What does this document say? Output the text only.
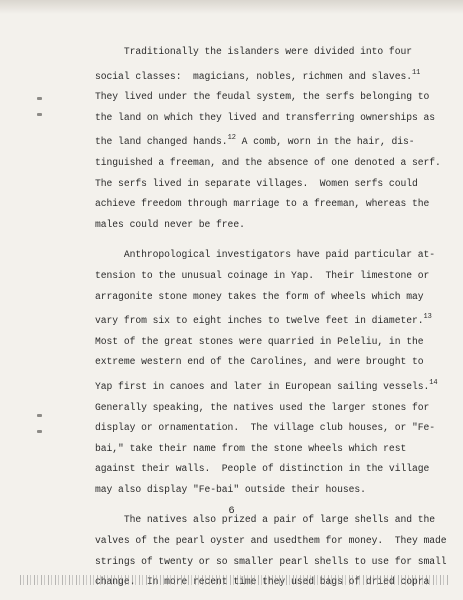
Traditionally the islanders were divided into four
social classes:  magicians, nobles, richmen and slaves.$^{11}$
They lived under the feudal system, the serfs belonging to
the land on which they lived and transferring ownerships as
the land changed hands.$^{12}$ A comb, worn in the hair, dis-
tinguished a freeman, and the absence of one denoted a serf.
The serfs lived in separate villages.  Women serfs could
achieve freedom through marriage to a freeman, whereas the
males could never be free.
Anthropological investigators have paid particular at-
tension to the unusual coinage in Yap.  Their limestone or
arragonite stone money takes the form of wheels which may
vary from six to eight inches to twelve feet in diameter.$^{13}$
Most of the great stones were quarried in Peleliu, in the
extreme western end of the Carolines, and were brought to
Yap first in canoes and later in European sailing vessels.$^{14}$
Generally speaking, the natives used the larger stones for
display or ornamentation.  The village club houses, or "Fe-
bai," take their name from the stone wheels which rest
against their walls.  People of distinction in the village
may also display "Fe-bai" outside their houses.
The natives also prized a pair of large shells and the
valves of the pearl oyster and usedthem for money.  They made
strings of twenty or so smaller pearl shells to use for small
change.  In more recent time they used bags of dried copra
6
